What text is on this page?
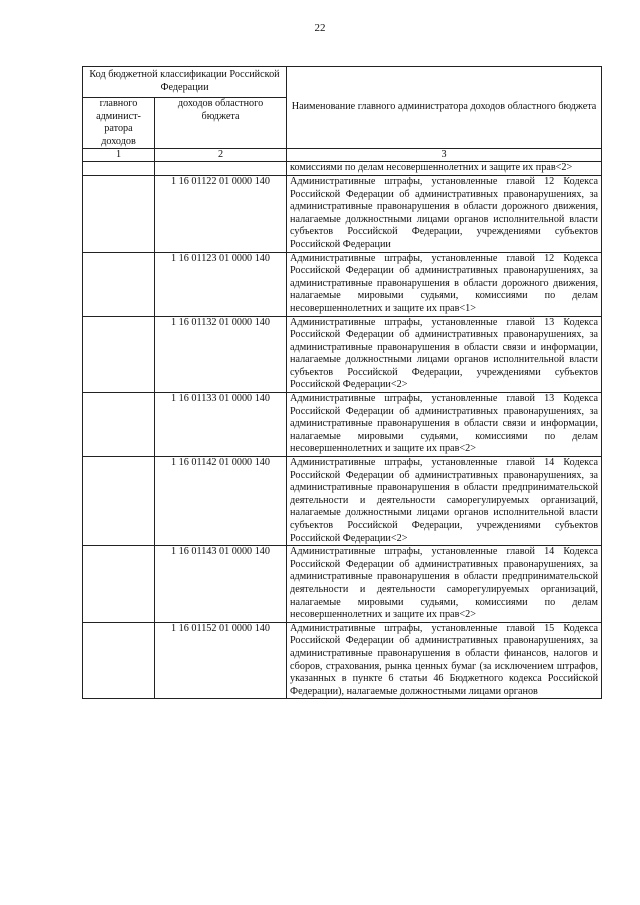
22
Код бюджетной классификации Российской Федерации		Наименование главного администратора доходов областного бюджета
главного админист-ратора доходов	доходов областного бюджета	
1	2	3
		комиссиями по делам несовершеннолетних и защите их прав<2>
	1 16 01122 01 0000 140	Административные штрафы, установленные главой 12 Кодекса Российской Федерации об административных правонарушениях, за административные правонарушения в области дорожного движения, налагаемые должностными лицами органов исполнительной власти субъектов Российской Федерации, учреждениями субъектов Российской Федерации
	1 16 01123 01 0000 140	Административные штрафы, установленные главой 12 Кодекса Российской Федерации об административных правонарушениях, за административные правонарушения в области дорожного движения, налагаемые мировыми судьями, комиссиями по делам несовершеннолетних и защите их прав<1>
	1 16 01132 01 0000 140	Административные штрафы, установленные главой 13 Кодекса Российской Федерации об административных правонарушениях, за административные правонарушения в области связи и информации, налагаемые должностными лицами органов исполнительной власти субъектов Российской Федерации, учреждениями субъектов Российской Федерации<2>
	1 16 01133 01 0000 140	Административные штрафы, установленные главой 13 Кодекса Российской Федерации об административных правонарушениях, за административные правонарушения в области связи и информации, налагаемые мировыми судьями, комиссиями по делам несовершеннолетних и защите их прав<2>
	1 16 01142 01 0000 140	Административные штрафы, установленные главой 14 Кодекса Российской Федерации об административных правонарушениях, за административные правонарушения в области предпринимательской деятельности и деятельности саморегулируемых организаций, налагаемые должностными лицами органов исполнительной власти субъектов Российской Федерации, учреждениями субъектов Российской Федерации<2>
	1 16 01143 01 0000 140	Административные штрафы, установленные главой 14 Кодекса Российской Федерации об административных правонарушениях, за административные правонарушения в области предпринимательской деятельности и деятельности саморегулируемых организаций, налагаемые мировыми судьями, комиссиями по делам несовершеннолетних и защите их прав<2>
	1 16 01152 01 0000 140	Административные штрафы, установленные главой 15 Кодекса Российской Федерации об административных правонарушениях, за административные правонарушения в области финансов, налогов и сборов, страхования, рынка ценных бумаг (за исключением штрафов, указанных в пункте 6 статьи 46 Бюджетного кодекса Российской Федерации), налагаемые должностными лицами органов
